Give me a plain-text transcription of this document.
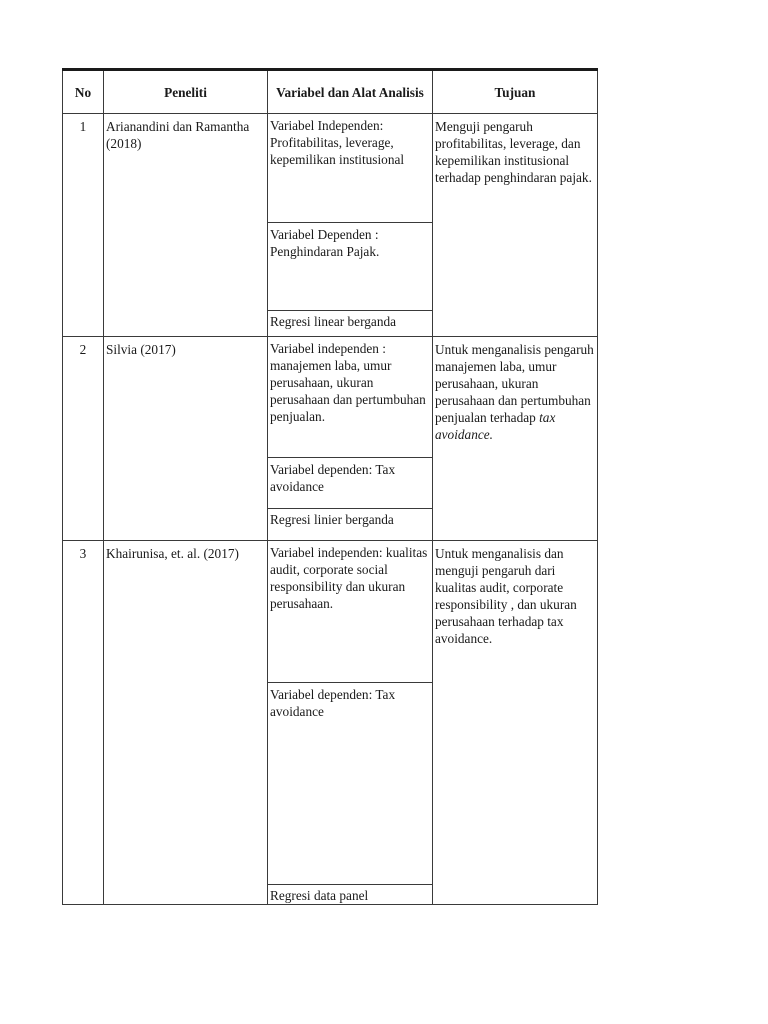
No	Peneliti	Variabel dan Alat Analisis	Tujuan
1	Arianandini dan Ramantha (2018)	Variabel Independen: Profitabilitas, leverage, kepemilikan institusional
Variabel Dependen : Penghindaran Pajak.
Regresi linear berganda	Menguji pengaruh profitabilitas, leverage, dan kepemilikan institusional terhadap penghindaran pajak.
2	Silvia (2017)	Variabel independen : manajemen laba, umur perusahaan, ukuran perusahaan dan pertumbuhan penjualan.
Variabel dependen: Tax avoidance
Regresi linier berganda	Untuk menganalisis pengaruh manajemen laba, umur perusahaan, ukuran perusahaan dan pertumbuhan penjualan terhadap tax avoidance.
3	Khairunisa, et. al. (2017)	Variabel independen: kualitas audit, corporate social responsibility dan ukuran perusahaan.
Variabel dependen: Tax avoidance
Regresi data panel	Untuk menganalisis dan menguji pengaruh dari kualitas audit, corporate responsibility , dan ukuran perusahaan terhadap tax avoidance.
